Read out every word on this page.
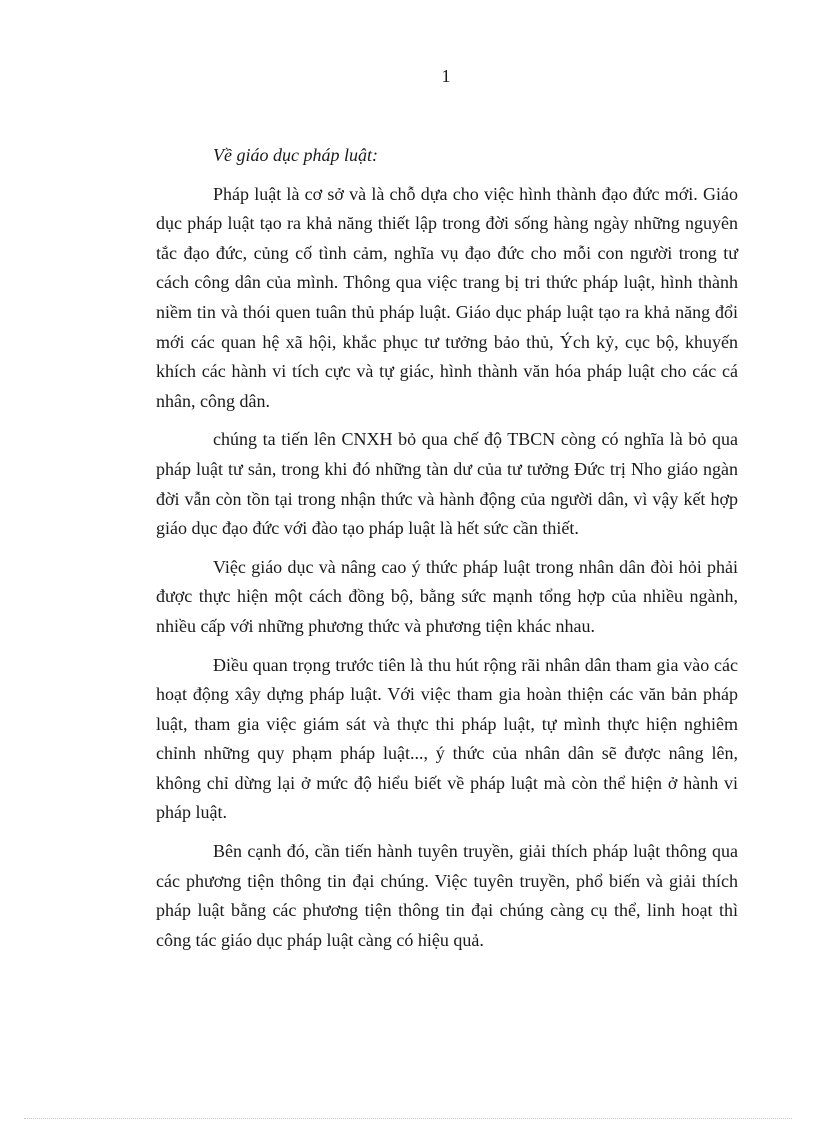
1

Về giáo dục pháp luật:

Pháp luật là cơ sở và là chỗ dựa cho việc hình thành đạo đức mới. Giáo dục pháp luật tạo ra khả năng thiết lập trong đời sống hàng ngày những nguyên tắc đạo đức, củng cố tình cảm, nghĩa vụ đạo đức cho mỗi con người trong tư cách công dân của mình. Thông qua việc trang bị tri thức pháp luật, hình thành niềm tin và thói quen tuân thủ pháp luật. Giáo dục pháp luật tạo ra khả năng đổi mới các quan hệ xã hội, khắc phục tư tưởng bảo thủ, Ých kỷ, cục bộ, khuyến khích các hành vi tích cực và tự giác, hình thành văn hóa pháp luật cho các cá nhân, công dân.

chúng ta tiến lên CNXH bỏ qua chế độ TBCN còng có nghĩa là bỏ qua pháp luật tư sản, trong khi đó những tàn dư của tư tưởng Đức trị Nho giáo ngàn đời vẫn còn tồn tại trong nhận thức và hành động của người dân, vì vậy kết hợp giáo dục đạo đức với đào tạo pháp luật là hết sức cần thiết.

Việc giáo dục và nâng cao ý thức pháp luật trong nhân dân đòi hỏi phải được thực hiện một cách đồng bộ, bằng sức mạnh tổng hợp của nhiều ngành, nhiều cấp với những phương thức và phương tiện khác nhau.

Điều quan trọng trước tiên là thu hút rộng rãi nhân dân tham gia vào các hoạt động xây dựng pháp luật. Với việc tham gia hoàn thiện các văn bản pháp luật, tham gia việc giám sát và thực thi pháp luật, tự mình thực hiện nghiêm chỉnh những quy phạm pháp luật..., ý thức của nhân dân sẽ được nâng lên, không chỉ dừng lại ở mức độ hiểu biết về pháp luật mà còn thể hiện ở hành vi pháp luật.

Bên cạnh đó, cần tiến hành tuyên truyền, giải thích pháp luật thông qua các phương tiện thông tin đại chúng. Việc tuyên truyền, phổ biến và giải thích pháp luật bằng các phương tiện thông tin đại chúng càng cụ thể, linh hoạt thì công tác giáo dục pháp luật càng có hiệu quả.
